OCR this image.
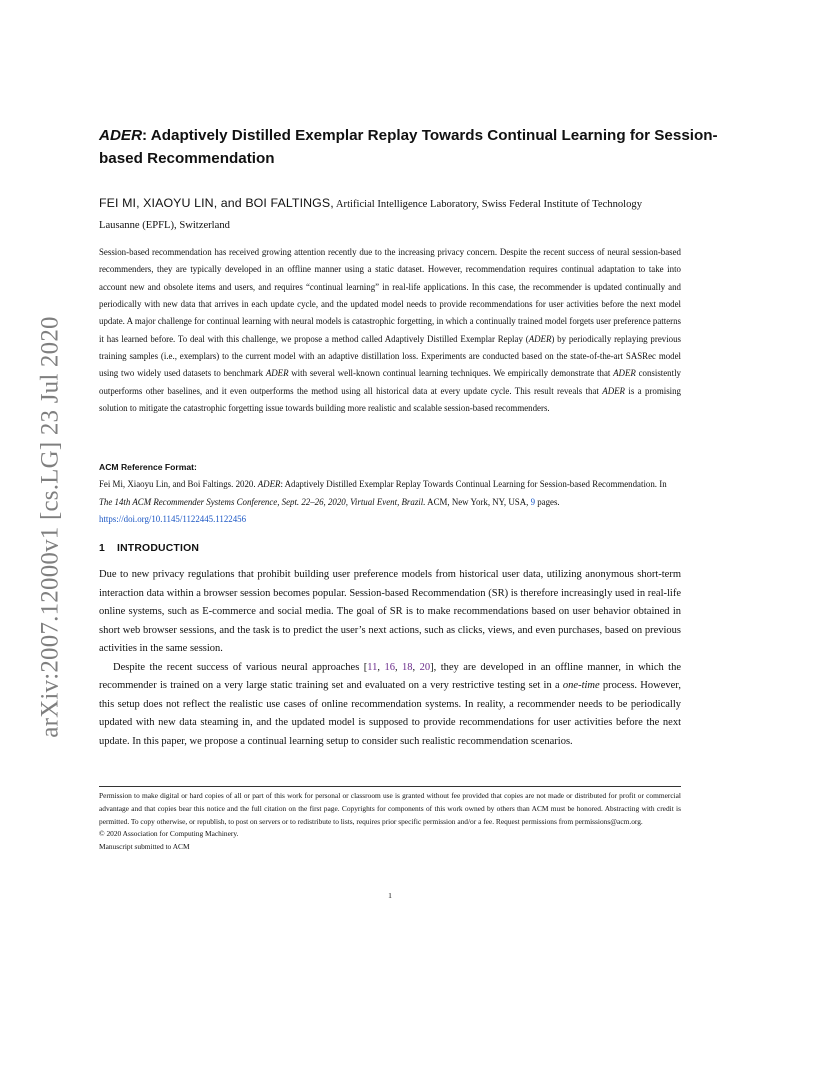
arXiv:2007.12000v1 [cs.LG] 23 Jul 2020
ADER: Adaptively Distilled Exemplar Replay Towards Continual Learning for Session-based Recommendation
FEI MI, XIAOYU LIN, and BOI FALTINGS, Artificial Intelligence Laboratory, Swiss Federal Institute of Technology Lausanne (EPFL), Switzerland
Session-based recommendation has received growing attention recently due to the increasing privacy concern. Despite the recent success of neural session-based recommenders, they are typically developed in an offline manner using a static dataset. However, recommendation requires continual adaptation to take into account new and obsolete items and users, and requires “continual learning” in real-life applications. In this case, the recommender is updated continually and periodically with new data that arrives in each update cycle, and the updated model needs to provide recommendations for user activities before the next model update. A major challenge for continual learning with neural models is catastrophic forgetting, in which a continually trained model forgets user preference patterns it has learned before. To deal with this challenge, we propose a method called Adaptively Distilled Exemplar Replay (ADER) by periodically replaying previous training samples (i.e., exemplars) to the current model with an adaptive distillation loss. Experiments are conducted based on the state-of-the-art SASRec model using two widely used datasets to benchmark ADER with several well-known continual learning techniques. We empirically demonstrate that ADER consistently outperforms other baselines, and it even outperforms the method using all historical data at every update cycle. This result reveals that ADER is a promising solution to mitigate the catastrophic forgetting issue towards building more realistic and scalable session-based recommenders.
ACM Reference Format:
Fei Mi, Xiaoyu Lin, and Boi Faltings. 2020. ADER: Adaptively Distilled Exemplar Replay Towards Continual Learning for Session-based Recommendation. In The 14th ACM Recommender Systems Conference, Sept. 22–26, 2020, Virtual Event, Brazil. ACM, New York, NY, USA, 9 pages. https://doi.org/10.1145/1122445.1122456
1 INTRODUCTION

Due to new privacy regulations that prohibit building user preference models from historical user data, utilizing anonymous short-term interaction data within a browser session becomes popular. Session-based Recommendation (SR) is therefore increasingly used in real-life online systems, such as E-commerce and social media. The goal of SR is to make recommendations based on user behavior obtained in short web browser sessions, and the task is to predict the user’s next actions, such as clicks, views, and even purchases, based on previous activities in the same session.

Despite the recent success of various neural approaches [11, 16, 18, 20], they are developed in an offline manner, in which the recommender is trained on a very large static training set and evaluated on a very restrictive testing set in a one-time process. However, this setup does not reflect the realistic use cases of online recommendation systems. In reality, a recommender needs to be periodically updated with new data steaming in, and the updated model is supposed to provide recommendations for user activities before the next update. In this paper, we propose a continual learning setup to consider such realistic recommendation scenarios.

Permission to make digital or hard copies of all or part of this work for personal or classroom use is granted without fee provided that copies are not made or distributed for profit or commercial advantage and that copies bear this notice and the full citation on the first page. Copyrights for components of this work owned by others than ACM must be honored. Abstracting with credit is permitted. To copy otherwise, or republish, to post on servers or to redistribute to lists, requires prior specific permission and/or a fee. Request permissions from permissions@acm.org.
© 2020 Association for Computing Machinery.
Manuscript submitted to ACM
1
